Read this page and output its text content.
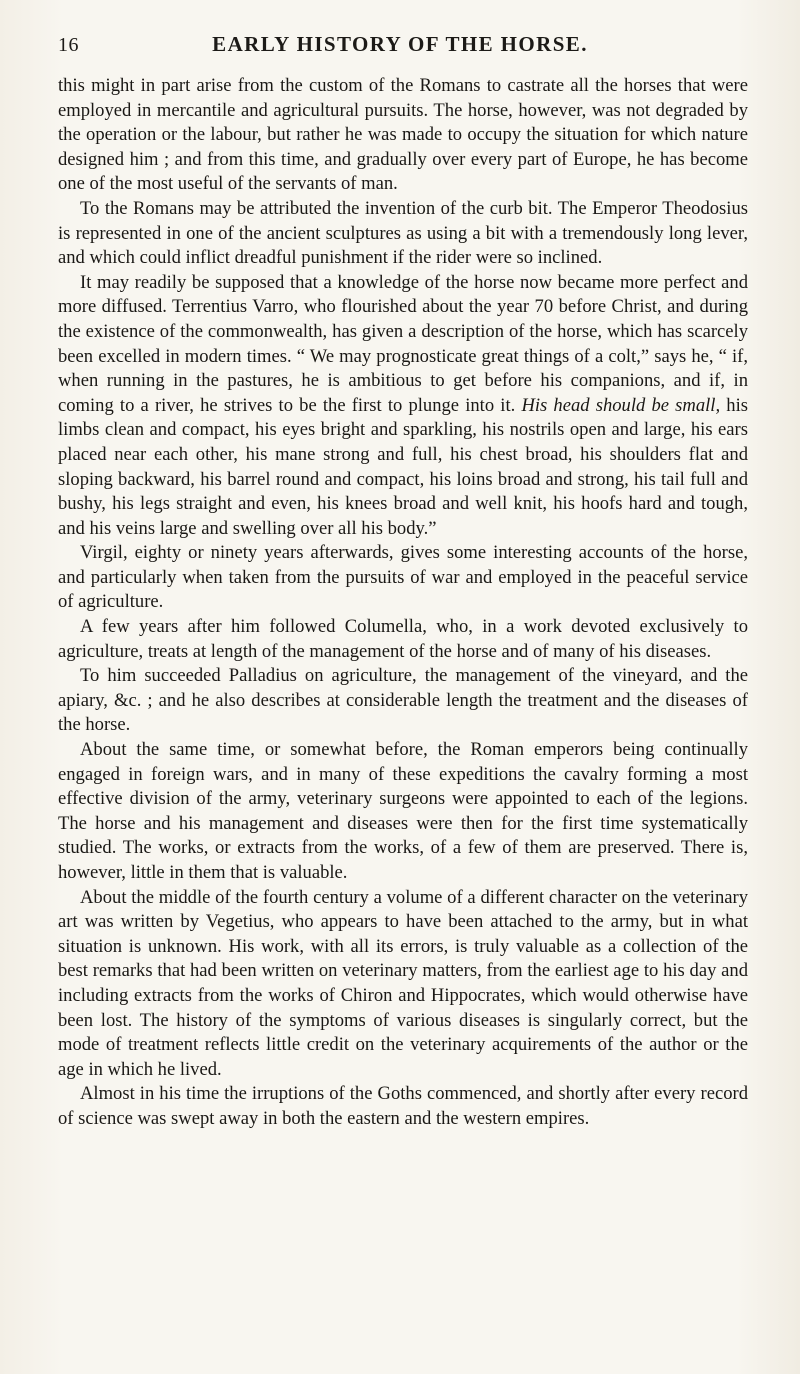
16	EARLY HISTORY OF THE HORSE.

this might in part arise from the custom of the Romans to castrate all the horses that were employed in mercantile and agricultural pursuits. The horse, however, was not degraded by the operation or the labour, but rather he was made to occupy the situation for which nature designed him ; and from this time, and gradually over every part of Europe, he has become one of the most useful of the servants of man.

To the Romans may be attributed the invention of the curb bit. The Emperor Theodosius is represented in one of the ancient sculptures as using a bit with a tremendously long lever, and which could inflict dreadful punishment if the rider were so inclined.

It may readily be supposed that a knowledge of the horse now became more perfect and more diffused. Terrentius Varro, who flourished about the year 70 before Christ, and during the existence of the commonwealth, has given a description of the horse, which has scarcely been excelled in modern times. “ We may prognosticate great things of a colt,” says he, “ if, when running in the pastures, he is ambitious to get before his companions, and if, in coming to a river, he strives to be the first to plunge into it. His head should be small, his limbs clean and compact, his eyes bright and sparkling, his nostrils open and large, his ears placed near each other, his mane strong and full, his chest broad, his shoulders flat and sloping backward, his barrel round and compact, his loins broad and strong, his tail full and bushy, his legs straight and even, his knees broad and well knit, his hoofs hard and tough, and his veins large and swelling over all his body.”

Virgil, eighty or ninety years afterwards, gives some interesting accounts of the horse, and particularly when taken from the pursuits of war and employed in the peaceful service of agriculture.

A few years after him followed Columella, who, in a work devoted exclusively to agriculture, treats at length of the management of the horse and of many of his diseases.

To him succeeded Palladius on agriculture, the management of the vineyard, and the apiary, &c. ; and he also describes at considerable length the treatment and the diseases of the horse.

About the same time, or somewhat before, the Roman emperors being continually engaged in foreign wars, and in many of these expeditions the cavalry forming a most effective division of the army, veterinary surgeons were appointed to each of the legions. The horse and his management and diseases were then for the first time systematically studied. The works, or extracts from the works, of a few of them are preserved. There is, however, little in them that is valuable.

About the middle of the fourth century a volume of a different character on the veterinary art was written by Vegetius, who appears to have been attached to the army, but in what situation is unknown. His work, with all its errors, is truly valuable as a collection of the best remarks that had been written on veterinary matters, from the earliest age to his day and including extracts from the works of Chiron and Hippocrates, which would otherwise have been lost. The history of the symptoms of various diseases is singularly correct, but the mode of treatment reflects little credit on the veterinary acquirements of the author or the age in which he lived.

Almost in his time the irruptions of the Goths commenced, and shortly after every record of science was swept away in both the eastern and the western empires.
